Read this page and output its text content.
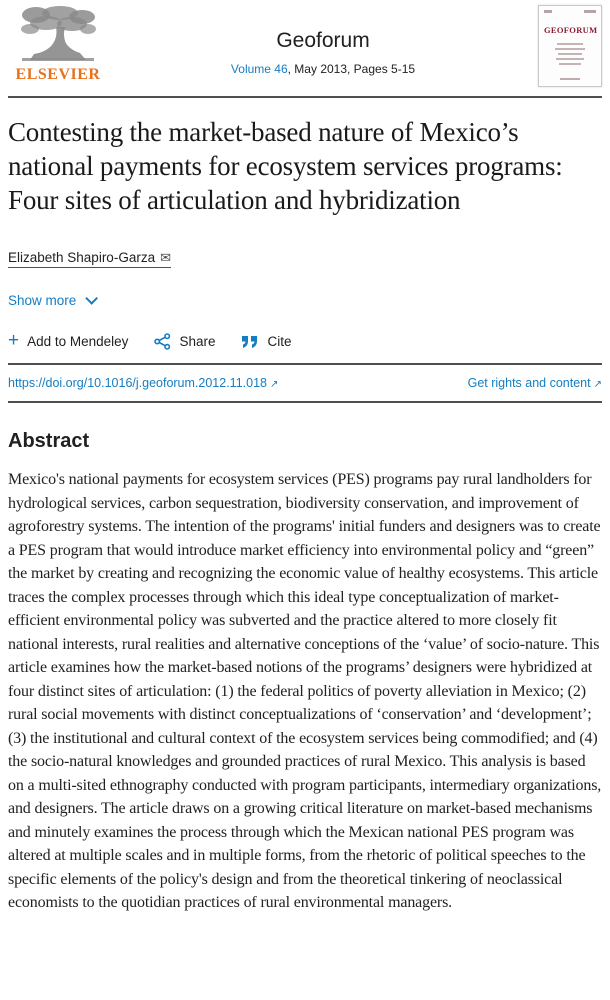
ELSEVIER
Geoforum
Volume 46, May 2013, Pages 5-15
GEOFORUM
Contesting the market-based nature of Mexico’s national payments for ecosystem services programs: Four sites of articulation and hybridization
Elizabeth Shapiro-Garza ✉
Show more
+ Add to Mendeley	Share	Cite
https://doi.org/10.1016/j.geoforum.2012.11.018 ↗	Get rights and content ↗
Abstract

Mexico's national payments for ecosystem services (PES) programs pay rural landholders for hydrological services, carbon sequestration, biodiversity conservation, and improvement of agroforestry systems. The intention of the programs' initial funders and designers was to create a PES program that would introduce market efficiency into environmental policy and “green” the market by creating and recognizing the economic value of healthy ecosystems. This article traces the complex processes through which this ideal type conceptualization of market-efficient environmental policy was subverted and the practice altered to more closely fit national interests, rural realities and alternative conceptions of the ‘value’ of socio-nature. This article examines how the market-based notions of the programs’ designers were hybridized at four distinct sites of articulation: (1) the federal politics of poverty alleviation in Mexico; (2) rural social movements with distinct conceptualizations of ‘conservation’ and ‘development’; (3) the institutional and cultural context of the ecosystem services being commodified; and (4) the socio-natural knowledges and grounded practices of rural Mexico. This analysis is based on a multi-sited ethnography conducted with program participants, intermediary organizations, and designers. The article draws on a growing critical literature on market-based mechanisms and minutely examines the process through which the Mexican national PES program was altered at multiple scales and in multiple forms, from the rhetoric of political speeches to the specific elements of the policy's design and from the theoretical tinkering of neoclassical economists to the quotidian practices of rural environmental managers.
